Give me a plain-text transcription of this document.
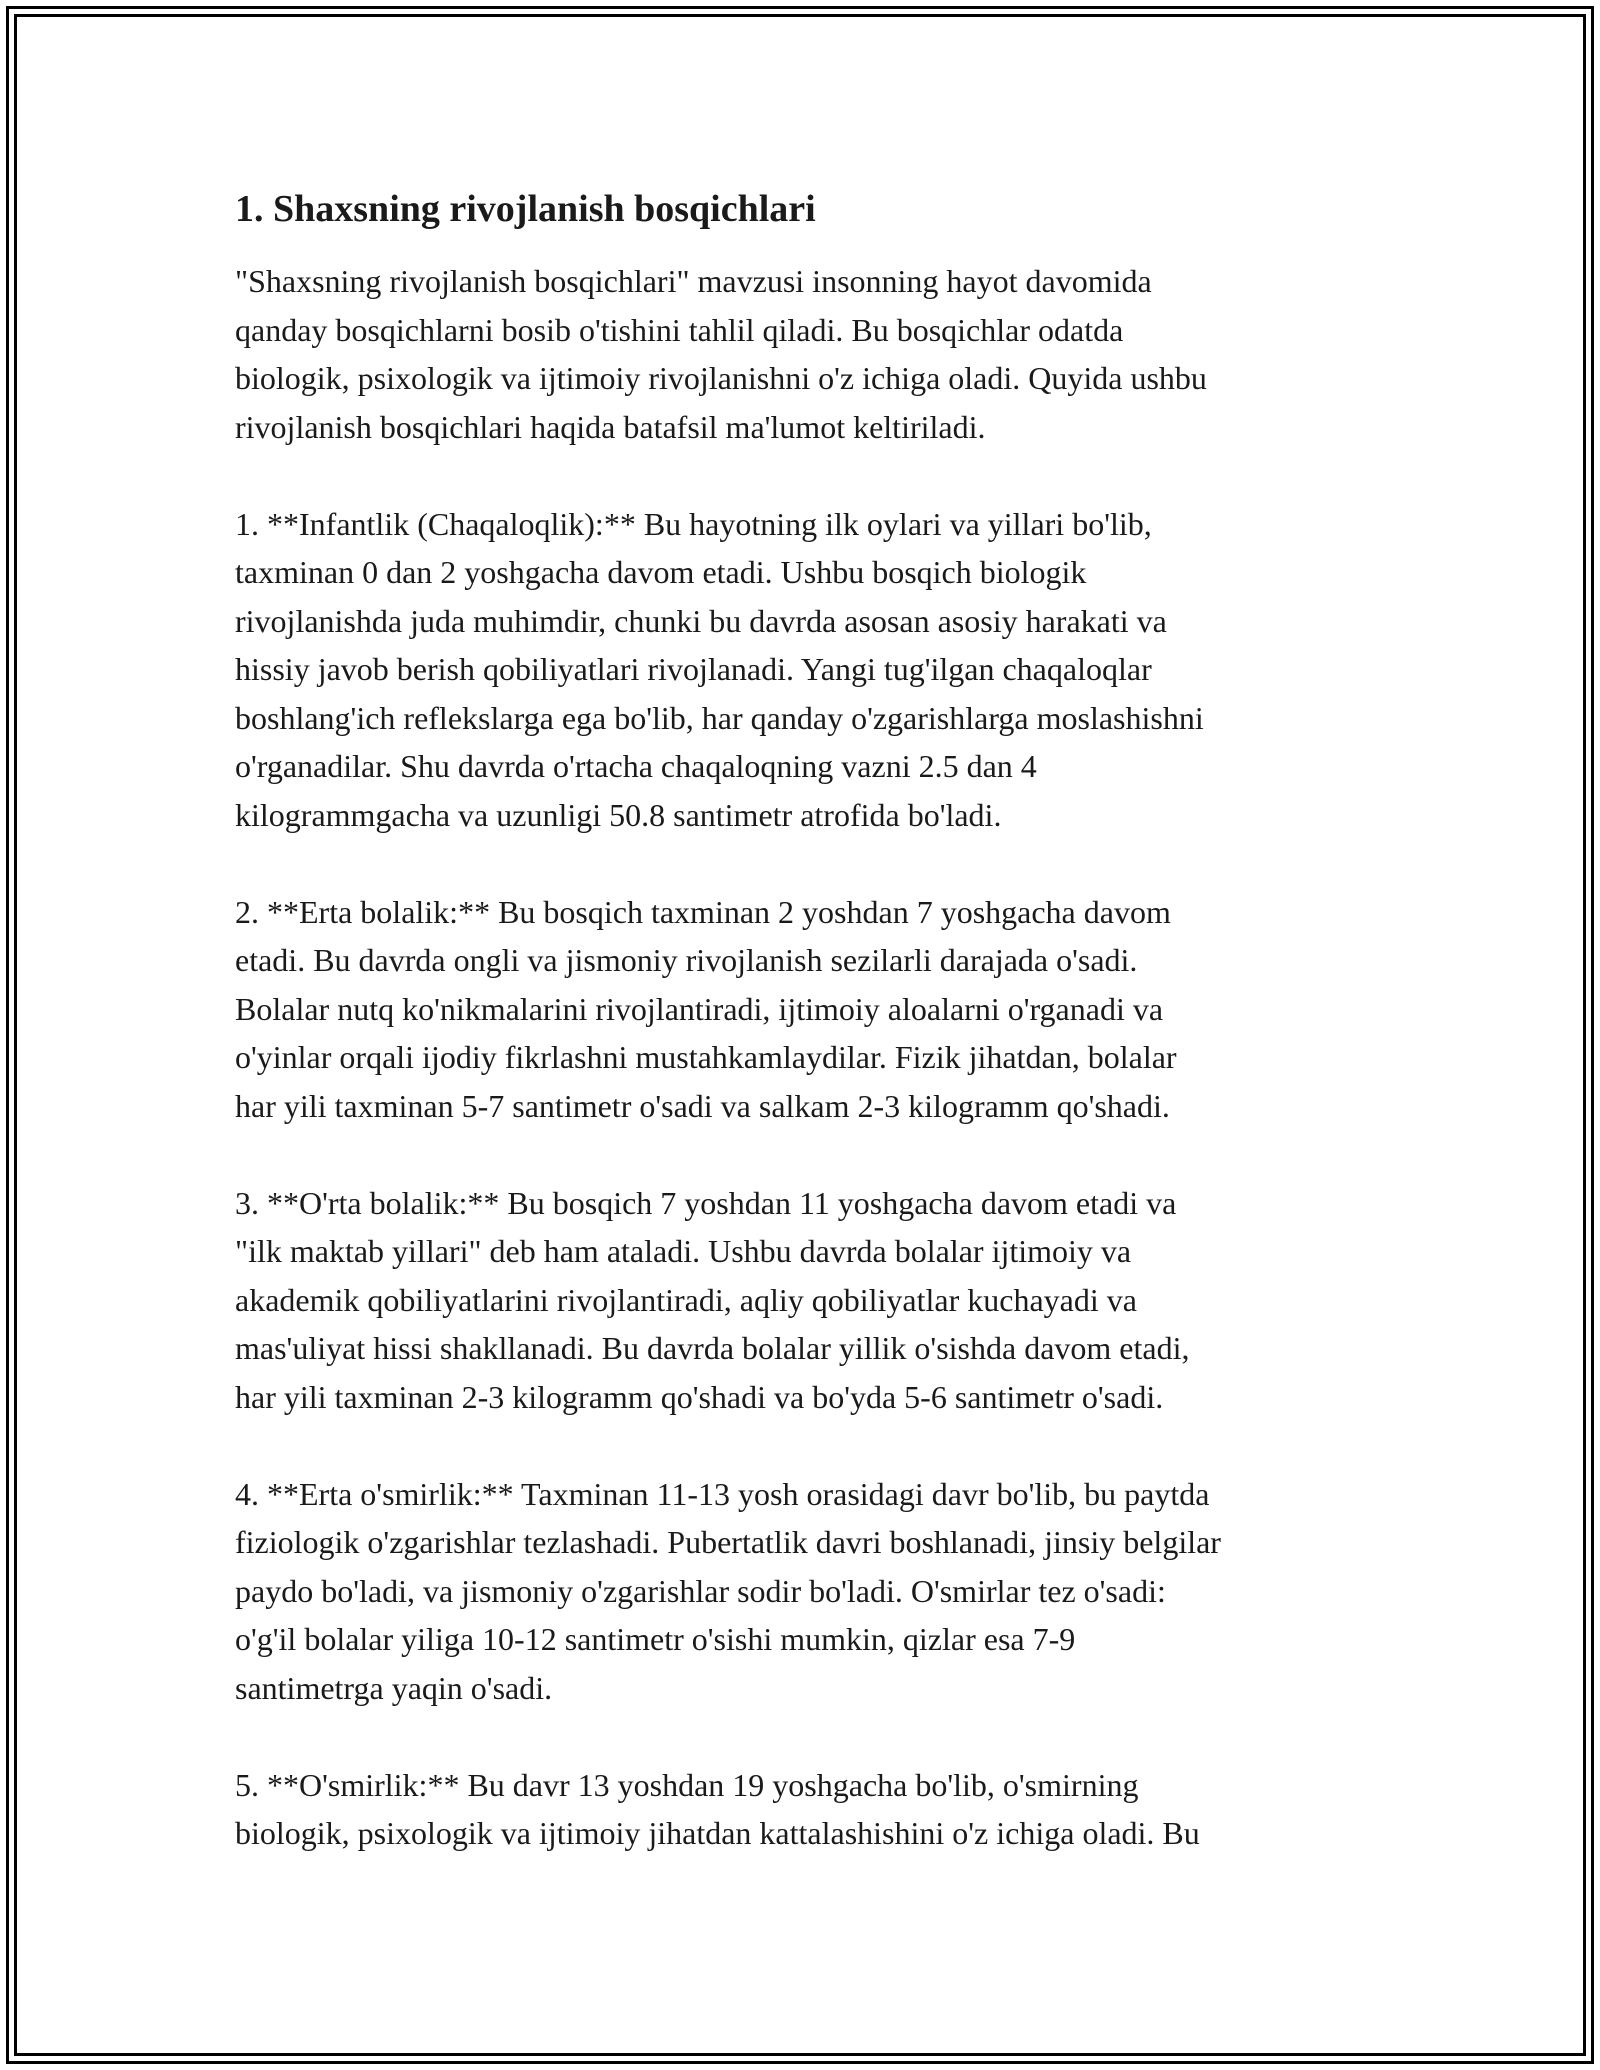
1. Shaxsning rivojlanish bosqichlari

"Shaxsning rivojlanish bosqichlari" mavzusi insonning hayot davomida
qanday bosqichlarni bosib o'tishini tahlil qiladi. Bu bosqichlar odatda
biologik, psixologik va ijtimoiy rivojlanishni o'z ichiga oladi. Quyida ushbu
rivojlanish bosqichlari haqida batafsil ma'lumot keltiriladi.

1. **Infantlik (Chaqaloqlik):** Bu hayotning ilk oylari va yillari bo'lib,
taxminan 0 dan 2 yoshgacha davom etadi. Ushbu bosqich biologik
rivojlanishda juda muhimdir, chunki bu davrda asosan asosiy harakati va
hissiy javob berish qobiliyatlari rivojlanadi. Yangi tug'ilgan chaqaloqlar
boshlang'ich reflekslarga ega bo'lib, har qanday o'zgarishlarga moslashishni
o'rganadilar. Shu davrda o'rtacha chaqaloqning vazni 2.5 dan 4
kilogrammgacha va uzunligi 50.8 santimetr atrofida bo'ladi.

2. **Erta bolalik:** Bu bosqich taxminan 2 yoshdan 7 yoshgacha davom
etadi. Bu davrda ongli va jismoniy rivojlanish sezilarli darajada o'sadi.
Bolalar nutq ko'nikmalarini rivojlantiradi, ijtimoiy aloalarni o'rganadi va
o'yinlar orqali ijodiy fikrlashni mustahkamlaydilar. Fizik jihatdan, bolalar
har yili taxminan 5-7 santimetr o'sadi va salkam 2-3 kilogramm qo'shadi.

3. **O'rta bolalik:** Bu bosqich 7 yoshdan 11 yoshgacha davom etadi va
"ilk maktab yillari" deb ham ataladi. Ushbu davrda bolalar ijtimoiy va
akademik qobiliyatlarini rivojlantiradi, aqliy qobiliyatlar kuchayadi va
mas'uliyat hissi shakllanadi. Bu davrda bolalar yillik o'sishda davom etadi,
har yili taxminan 2-3 kilogramm qo'shadi va bo'yda 5-6 santimetr o'sadi.

4. **Erta o'smirlik:** Taxminan 11-13 yosh orasidagi davr bo'lib, bu paytda
fiziologik o'zgarishlar tezlashadi. Pubertatlik davri boshlanadi, jinsiy belgilar
paydo bo'ladi, va jismoniy o'zgarishlar sodir bo'ladi. O'smirlar tez o'sadi:
o'g'il bolalar yiliga 10-12 santimetr o'sishi mumkin, qizlar esa 7-9
santimetrga yaqin o'sadi.

5. **O'smirlik:** Bu davr 13 yoshdan 19 yoshgacha bo'lib, o'smirning
biologik, psixologik va ijtimoiy jihatdan kattalashishini o'z ichiga oladi. Bu
